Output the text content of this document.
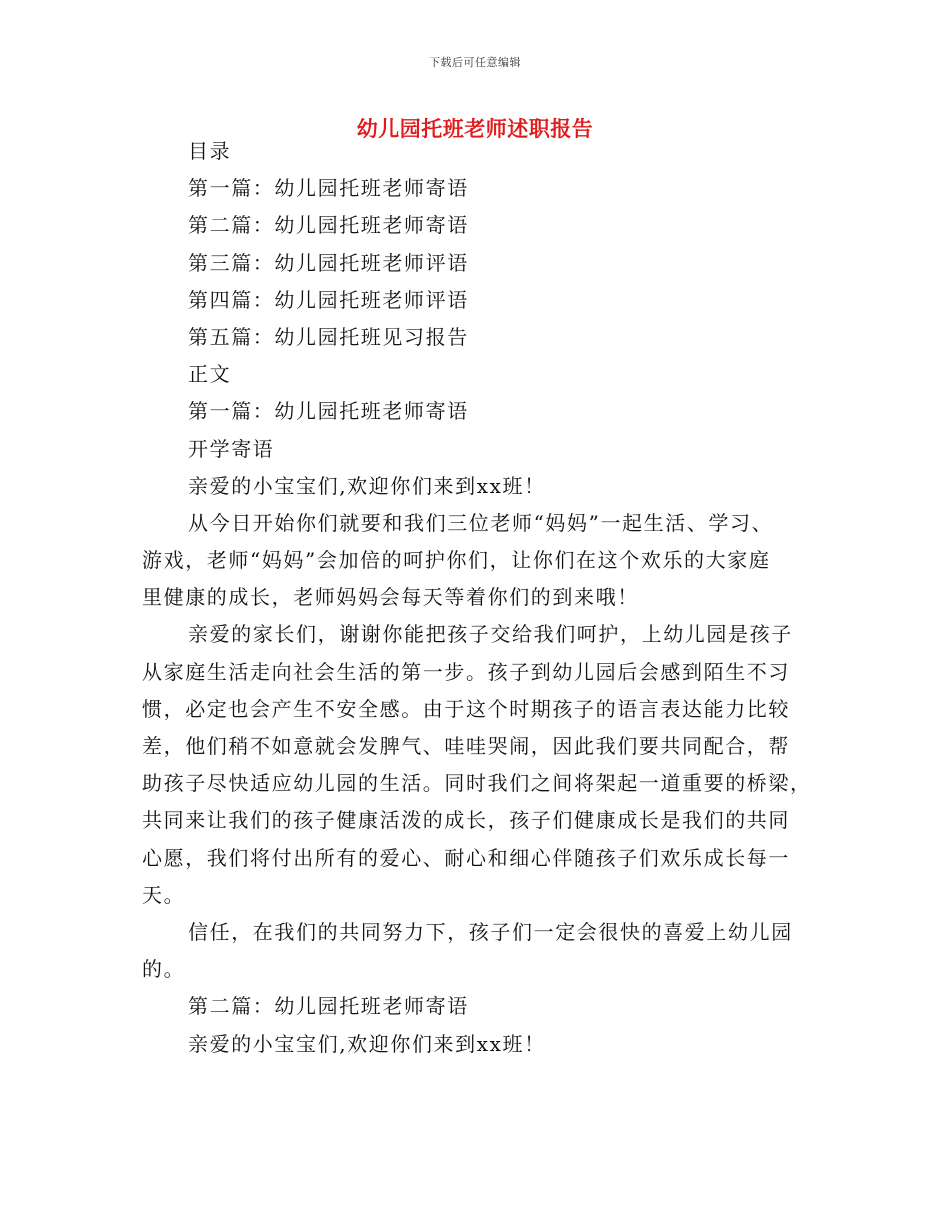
下载后可任意编辑
幼儿园托班老师述职报告
目录
第一篇：幼儿园托班老师寄语
第二篇：幼儿园托班老师寄语
第三篇：幼儿园托班老师评语
第四篇：幼儿园托班老师评语
第五篇：幼儿园托班见习报告
正文
第一篇：幼儿园托班老师寄语
开学寄语
亲爱的小宝宝们,欢迎你们来到xx班！
从今日开始你们就要和我们三位老师“妈妈”一起生活、学习、
游戏，老师“妈妈”会加倍的呵护你们，让你们在这个欢乐的大家庭
里健康的成长，老师妈妈会每天等着你们的到来哦！
亲爱的家长们，谢谢你能把孩子交给我们呵护，上幼儿园是孩子
从家庭生活走向社会生活的第一步。孩子到幼儿园后会感到陌生不习
惯，必定也会产生不安全感。由于这个时期孩子的语言表达能力比较
差，他们稍不如意就会发脾气、哇哇哭闹，因此我们要共同配合，帮
助孩子尽快适应幼儿园的生活。同时我们之间将架起一道重要的桥梁，
共同来让我们的孩子健康活泼的成长，孩子们健康成长是我们的共同
心愿，我们将付出所有的爱心、耐心和细心伴随孩子们欢乐成长每一
天。
信任，在我们的共同努力下，孩子们一定会很快的喜爱上幼儿园
的。
第二篇：幼儿园托班老师寄语
亲爱的小宝宝们,欢迎你们来到xx班！
